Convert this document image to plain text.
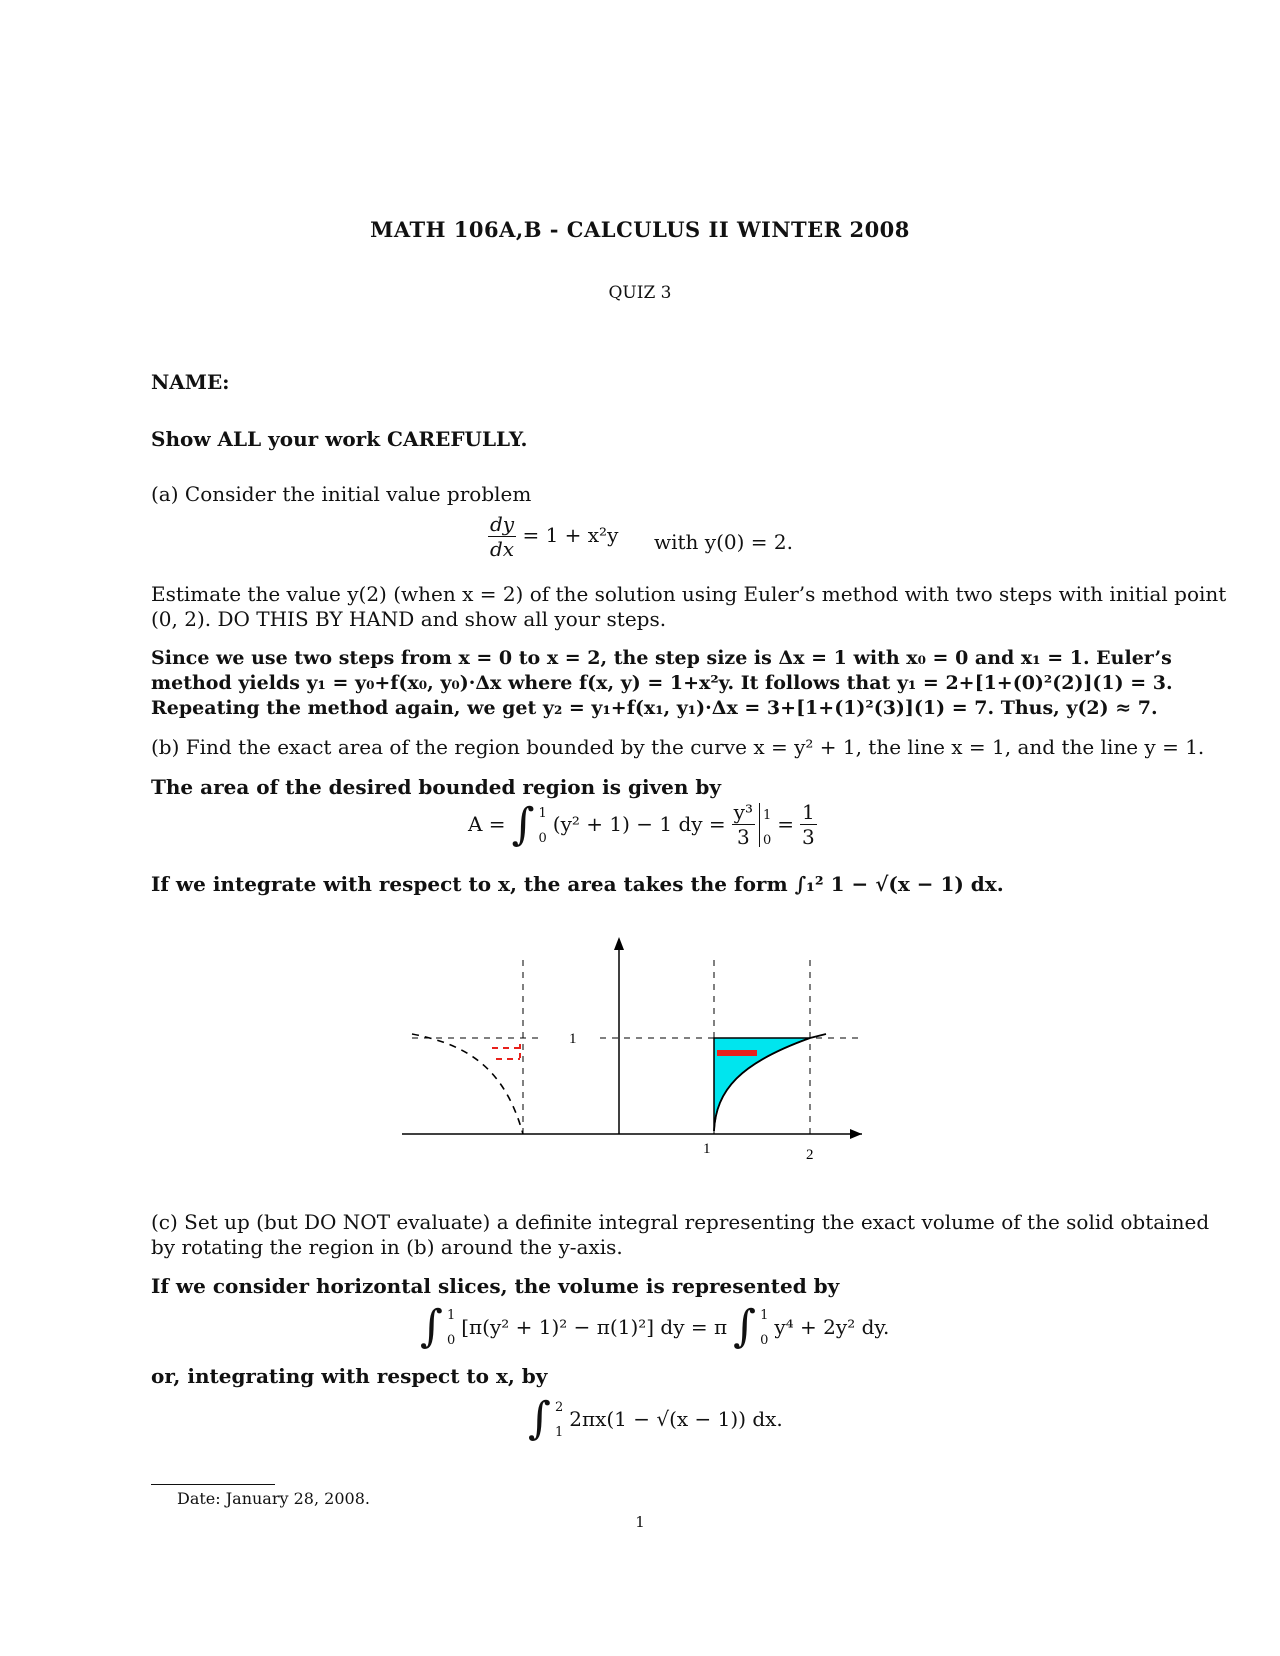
MATH 106A,B - CALCULUS II WINTER 2008
QUIZ 3
NAME:
Show ALL your work CAREFULLY.
(a) Consider the initial value problem
$\frac{dy}{dx} = 1 + x^2y$ with y(0) = 2.
Estimate the value y(2) (when x = 2) of the solution using Euler’s method with two steps with initial point
(0, 2). DO THIS BY HAND and show all your steps.
Since we use two steps from x = 0 to x = 2, the step size is Δx = 1 with x₀ = 0 and x₁ = 1. Euler’s
method yields y₁ = y₀+f(x₀, y₀)·Δx where f(x, y) = 1+x²y. It follows that y₁ = 2+[1+(0)²(2)](1) = 3.
Repeating the method again, we get y₂ = y₁+f(x₁, y₁)·Δx = 3+[1+(1)²(3)](1) = 7. Thus, y(2) ≈ 7.
(b) Find the exact area of the region bounded by the curve x = y² + 1, the line x = 1, and the line y = 1.
The area of the desired bounded region is given by
A = ∫ 1
0
(y² + 1) − 1 dy = $\frac{\text{y³}}{3} 1$
0
= $\frac{1}{3}$
If we integrate with respect to x, the area takes the form ∫₁² 1 − √(x − 1) dx.
1
1	2
(c) Set up (but DO NOT evaluate) a definite integral representing the exact volume of the solid obtained
by rotating the region in (b) around the y-axis.
If we consider horizontal slices, the volume is represented by
∫ 1
0
[π(y² + 1)² − π(1)²] dy = π ∫ 1
0
y⁴ + 2y² dy.
or, integrating with respect to x, by
∫ 2
1
2πx(1 − √(x − 1)) dx.
Date: January 28, 2008.
1
